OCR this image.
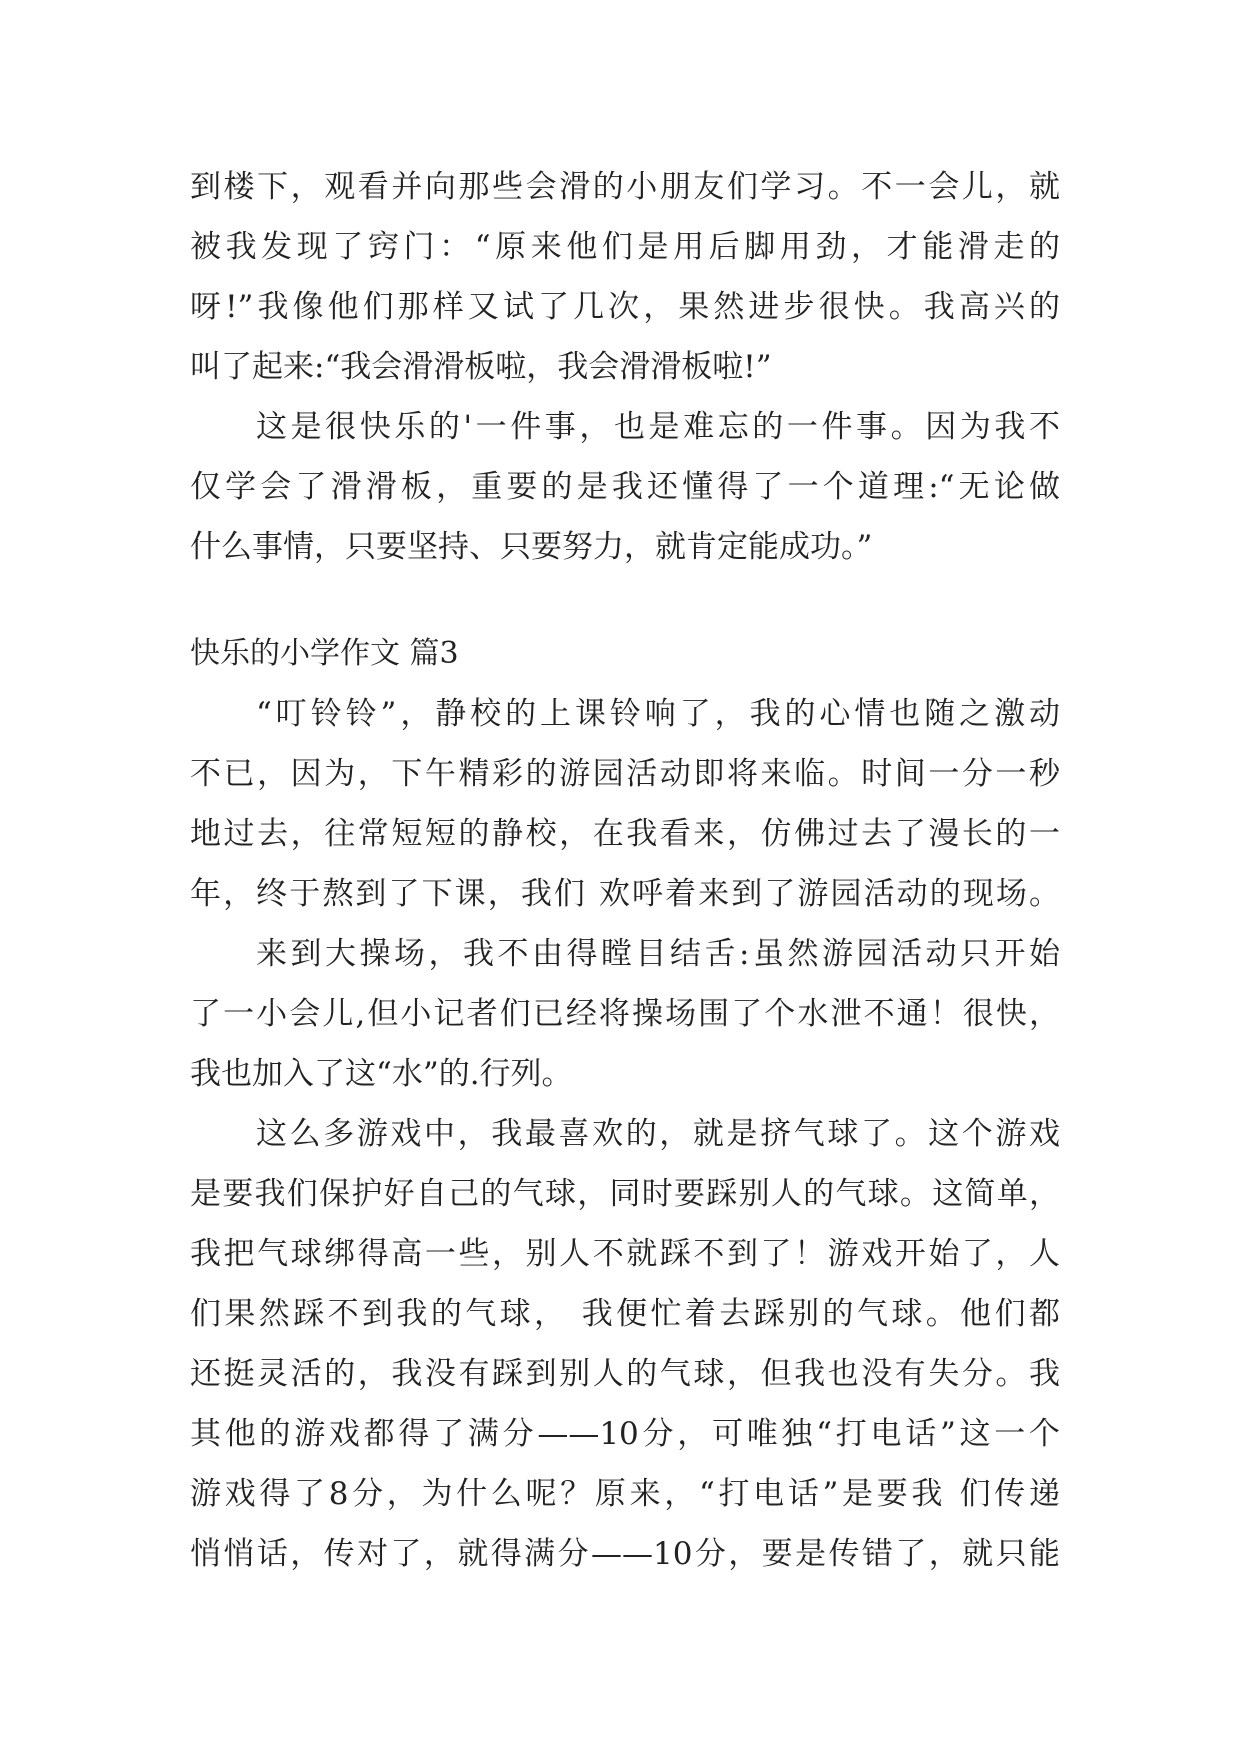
到楼下，观看并向那些会滑的小朋友们学习。不一会儿，就
被我发现了窍门：“原来他们是用后脚用劲，才能滑走的
呀!”我像他们那样又试了几次，果然进步很快。我高兴的
叫了起来:“我会滑滑板啦，我会滑滑板啦!”
这是很快乐的'一件事，也是难忘的一件事。因为我不
仅学会了滑滑板，重要的是我还懂得了一个道理:“无论做
什么事情，只要坚持、只要努力，就肯定能成功。”
快乐的小学作文 篇3
“叮铃铃”，静校的上课铃响了，我的心情也随之激动
不已，因为，下午精彩的游园活动即将来临。时间一分一秒
地过去，往常短短的静校，在我看来，仿佛过去了漫长的一
年，终于熬到了下课，我们 欢呼着来到了游园活动的现场。
来到大操场，我不由得瞠目结舌:虽然游园活动只开始
了一小会儿,但小记者们已经将操场围了个水泄不通！很快，
我也加入了这“水”的.行列。
这么多游戏中，我最喜欢的，就是挤气球了。这个游戏
是要我们保护好自己的气球，同时要踩别人的气球。这简单，
我把气球绑得高一些，别人不就踩不到了！游戏开始了，人
们果然踩不到我的气球， 我便忙着去踩别的气球。他们都
还挺灵活的，我没有踩到别人的气球，但我也没有失分。我
其他的游戏都得了满分——10分，可唯独“打电话”这一个
游戏得了8分，为什么呢？原来，“打电话”是要我 们传递
悄悄话，传对了，就得满分——10分，要是传错了，就只能
